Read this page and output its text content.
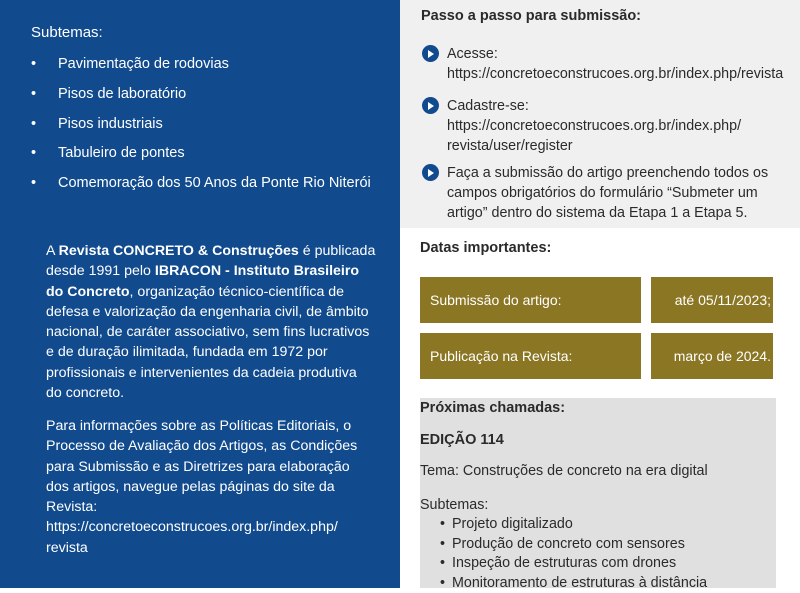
Subtemas:
• Pavimentação de rodovias
• Pisos de laboratório
• Pisos industriais
• Tabuleiro de pontes
• Comemoração dos 50 Anos da Ponte Rio Niterói
A Revista CONCRETO & Construções é publicada desde 1991 pelo IBRACON - Instituto Brasileiro do Concreto, organização técnico-científica de defesa e valorização da engenharia civil, de âmbito nacional, de caráter associativo, sem fins lucrativos e de duração ilimitada, fundada em 1972 por profissionais e intervenientes da cadeia produtiva do concreto.

Para informações sobre as Políticas Editoriais, o Processo de Avaliação dos Artigos, as Condições para Submissão e as Diretrizes para elaboração dos artigos, navegue pelas páginas do site da Revista:

https://concretoeconstrucoes.org.br/index.php/
revista

Passo a passo para submissão:
Acesse:
https://concretoeconstrucoes.org.br/index.php/revista
Cadastre-se:
https://concretoeconstrucoes.org.br/index.php/
revista/user/register
Faça a submissão do artigo preenchendo todos os
campos obrigatórios do formulário “Submeter um
artigo” dentro do sistema da Etapa 1 a Etapa 5.
Datas importantes:
Submissão do artigo:	até 05/11/2023;
Publicação na Revista:	março de 2024.
Próximas chamadas:
EDIÇÃO 114
Tema: Construções de concreto na era digital
Subtemas:
• Projeto digitalizado
• Produção de concreto com sensores
• Inspeção de estruturas com drones
• Monitoramento de estruturas à distância
